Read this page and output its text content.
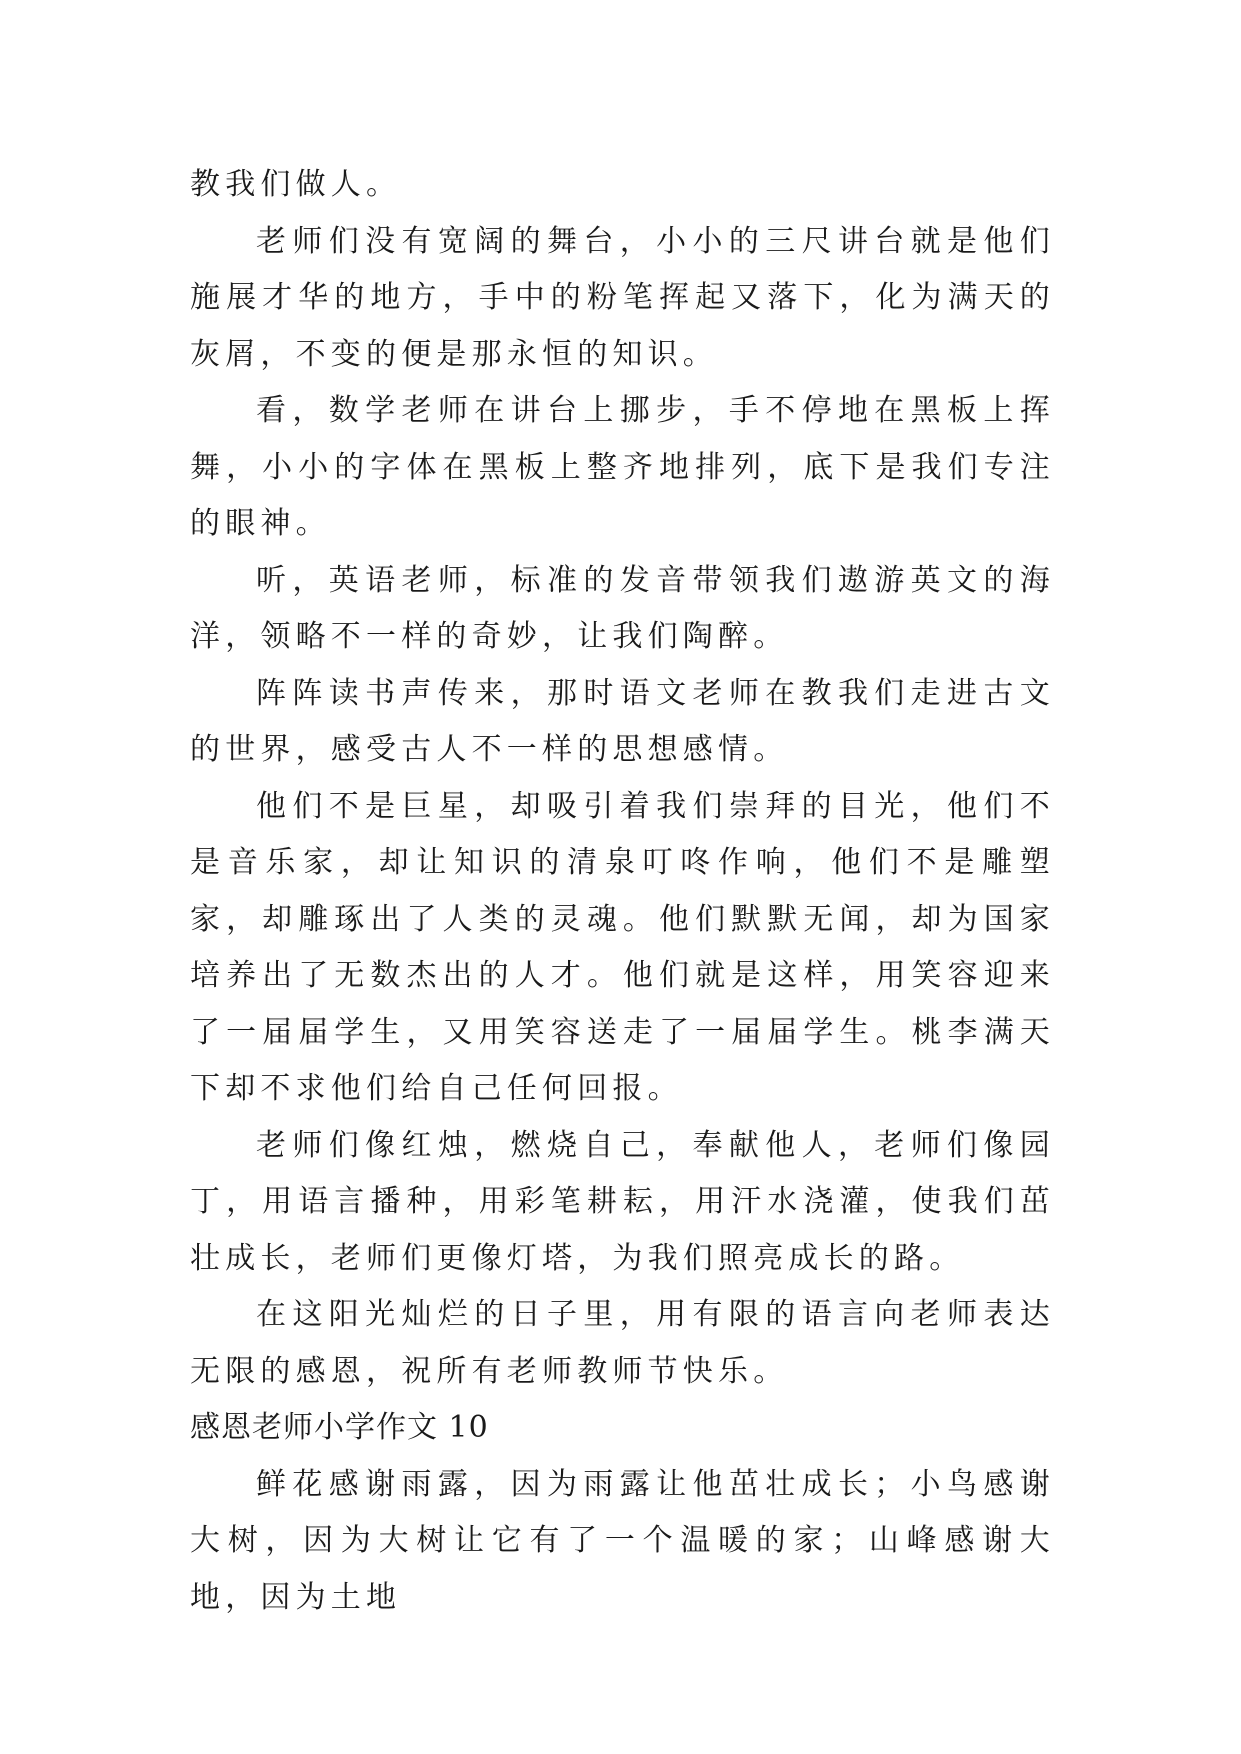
教我们做人。

老师们没有宽阔的舞台，小小的三尺讲台就是他们施展才华的地方，手中的粉笔挥起又落下，化为满天的灰屑，不变的便是那永恒的知识。

看，数学老师在讲台上挪步，手不停地在黑板上挥舞，小小的字体在黑板上整齐地排列，底下是我们专注的眼神。

听，英语老师，标准的发音带领我们遨游英文的海洋，领略不一样的奇妙，让我们陶醉。

阵阵读书声传来，那时语文老师在教我们走进古文的世界，感受古人不一样的思想感情。

他们不是巨星，却吸引着我们崇拜的目光，他们不是音乐家，却让知识的清泉叮咚作响，他们不是雕塑家，却雕琢出了人类的灵魂。他们默默无闻，却为国家培养出了无数杰出的人才。他们就是这样，用笑容迎来了一届届学生，又用笑容送走了一届届学生。桃李满天下却不求他们给自己任何回报。

老师们像红烛，燃烧自己，奉献他人，老师们像园丁，用语言播种，用彩笔耕耘，用汗水浇灌，使我们茁壮成长，老师们更像灯塔，为我们照亮成长的路。

在这阳光灿烂的日子里，用有限的语言向老师表达无限的感恩，祝所有老师教师节快乐。

感恩老师小学作文 10

鲜花感谢雨露，因为雨露让他茁壮成长；小鸟感谢大树，因为大树让它有了一个温暖的家；山峰感谢大地，因为土地
